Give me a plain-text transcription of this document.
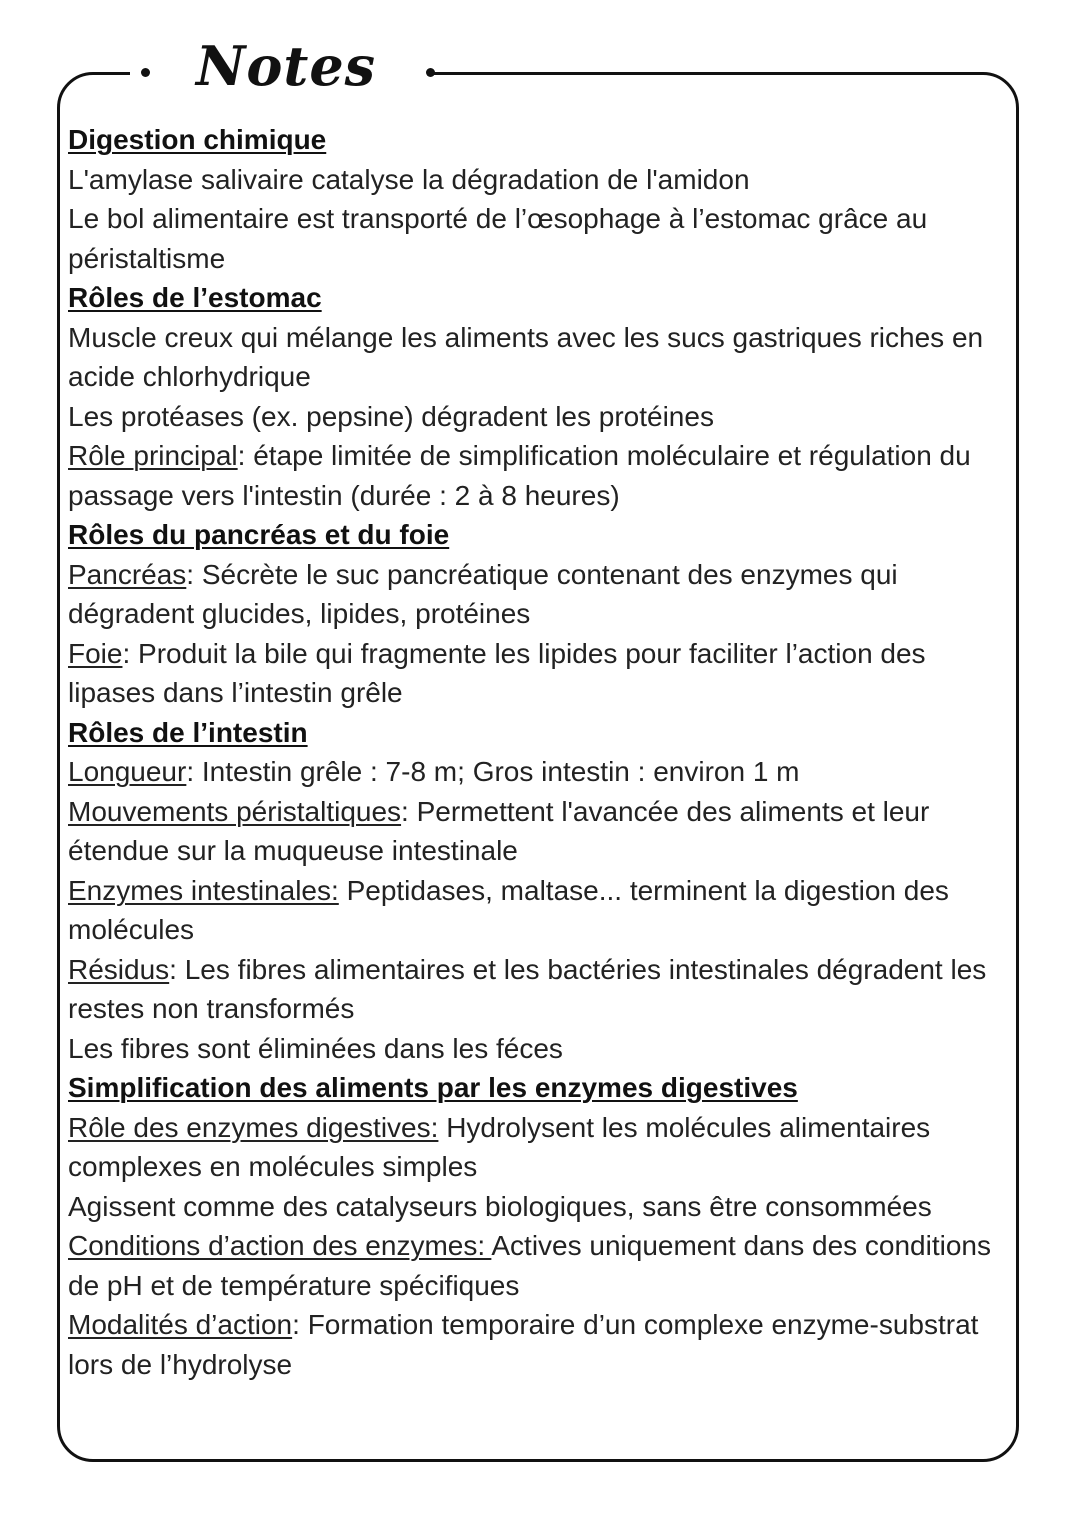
Notes

Digestion chimique

L'amylase salivaire catalyse la dégradation de l'amidon

Le bol alimentaire est transporté de l’œsophage à l’estomac grâce au péristaltisme

Rôles de l’estomac

Muscle creux qui mélange les aliments avec les sucs gastriques riches en acide chlorhydrique

Les protéases (ex. pepsine) dégradent les protéines

Rôle principal: étape limitée de simplification moléculaire et régulation du passage vers l'intestin (durée : 2 à 8 heures)

Rôles du pancréas et du foie

Pancréas: Sécrète le suc pancréatique contenant des enzymes qui dégradent glucides, lipides, protéines

Foie: Produit la bile qui fragmente les lipides pour faciliter l’action des lipases dans l’intestin grêle

Rôles de l’intestin

Longueur: Intestin grêle : 7-8 m; Gros intestin : environ 1 m

Mouvements péristaltiques: Permettent l'avancée des aliments et leur étendue sur la muqueuse intestinale

Enzymes intestinales: Peptidases, maltase... terminent la digestion des molécules

Résidus: Les fibres alimentaires et les bactéries intestinales dégradent les restes non transformés

Les fibres sont éliminées dans les féces

Simplification des aliments par les enzymes digestives

Rôle des enzymes digestives: Hydrolysent les molécules alimentaires complexes en molécules simples

Agissent comme des catalyseurs biologiques, sans être consommées

Conditions d’action des enzymes: Actives uniquement dans des conditions de pH et de température spécifiques

Modalités d’action: Formation temporaire d’un complexe enzyme-substrat lors de l’hydrolyse
